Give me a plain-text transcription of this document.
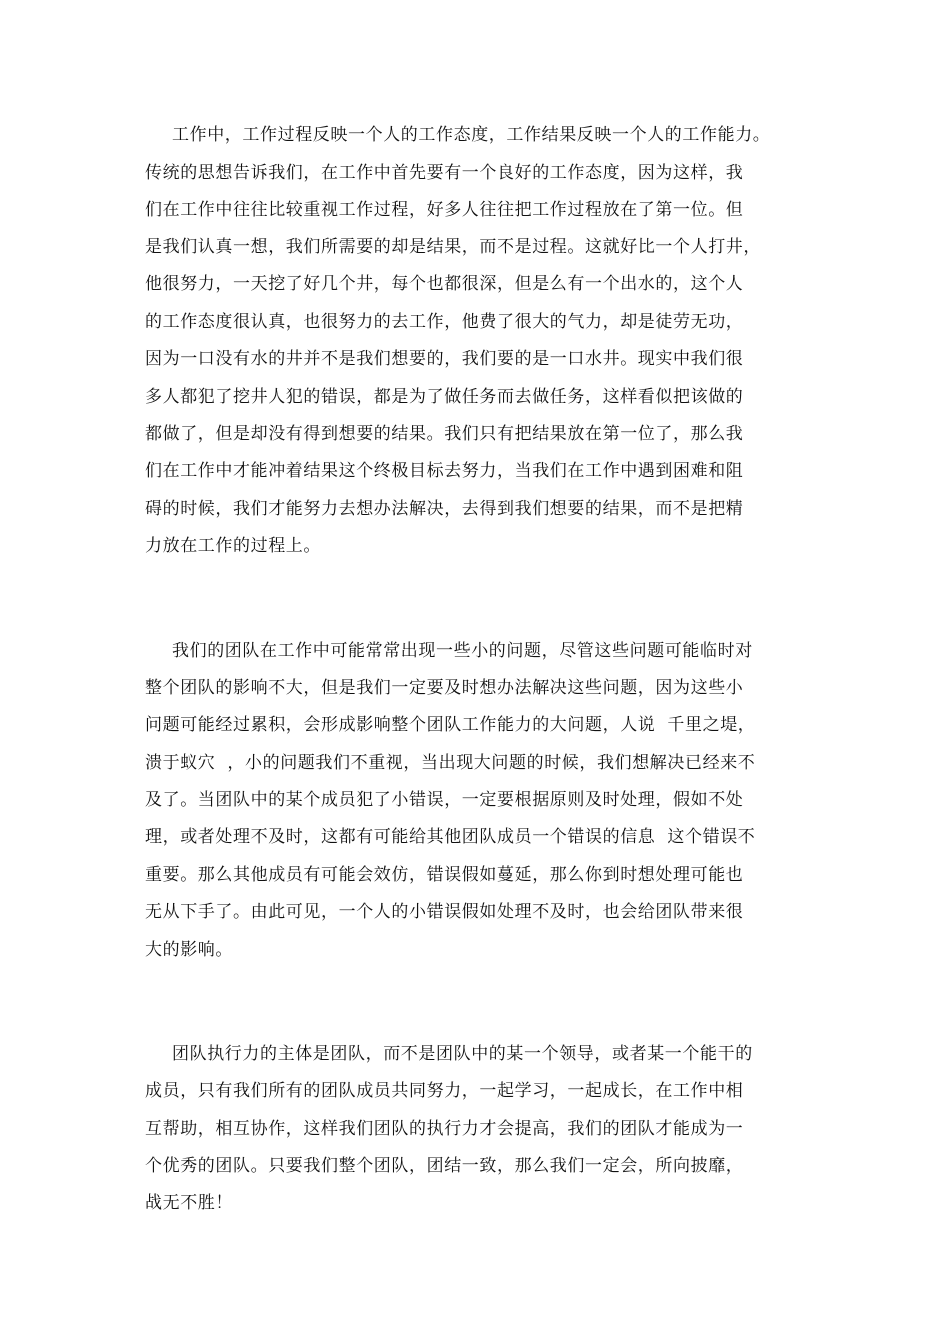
工作中，工作过程反映一个人的工作态度，工作结果反映一个人的工作能力。
传统的思想告诉我们，在工作中首先要有一个良好的工作态度，因为这样，我
们在工作中往往比较重视工作过程，好多人往往把工作过程放在了第一位。但
是我们认真一想，我们所需要的却是结果，而不是过程。这就好比一个人打井，
他很努力，一天挖了好几个井，每个也都很深，但是么有一个出水的，这个人
的工作态度很认真，也很努力的去工作，他费了很大的气力，却是徒劳无功，
因为一口没有水的井并不是我们想要的，我们要的是一口水井。现实中我们很
多人都犯了挖井人犯的错误，都是为了做任务而去做任务，这样看似把该做的
都做了，但是却没有得到想要的结果。我们只有把结果放在第一位了，那么我
们在工作中才能冲着结果这个终极目标去努力，当我们在工作中遇到困难和阻
碍的时候，我们才能努力去想办法解决，去得到我们想要的结果，而不是把精
力放在工作的过程上。
我们的团队在工作中可能常常出现一些小的问题，尽管这些问题可能临时对
整个团队的影响不大，但是我们一定要及时想办法解决这些问题，因为这些小
问题可能经过累积，会形成影响整个团队工作能力的大问题，人说  千里之堤，
溃于蚁穴  ，小的问题我们不重视，当出现大问题的时候，我们想解决已经来不
及了。当团队中的某个成员犯了小错误，一定要根据原则及时处理，假如不处
理，或者处理不及时，这都有可能给其他团队成员一个错误的信息  这个错误不
重要。那么其他成员有可能会效仿，错误假如蔓延，那么你到时想处理可能也
无从下手了。由此可见，一个人的小错误假如处理不及时，也会给团队带来很
大的影响。
团队执行力的主体是团队，而不是团队中的某一个领导，或者某一个能干的
成员，只有我们所有的团队成员共同努力，一起学习，一起成长，在工作中相
互帮助，相互协作，这样我们团队的执行力才会提高，我们的团队才能成为一
个优秀的团队。只要我们整个团队，团结一致，那么我们一定会，所向披靡，
战无不胜！
